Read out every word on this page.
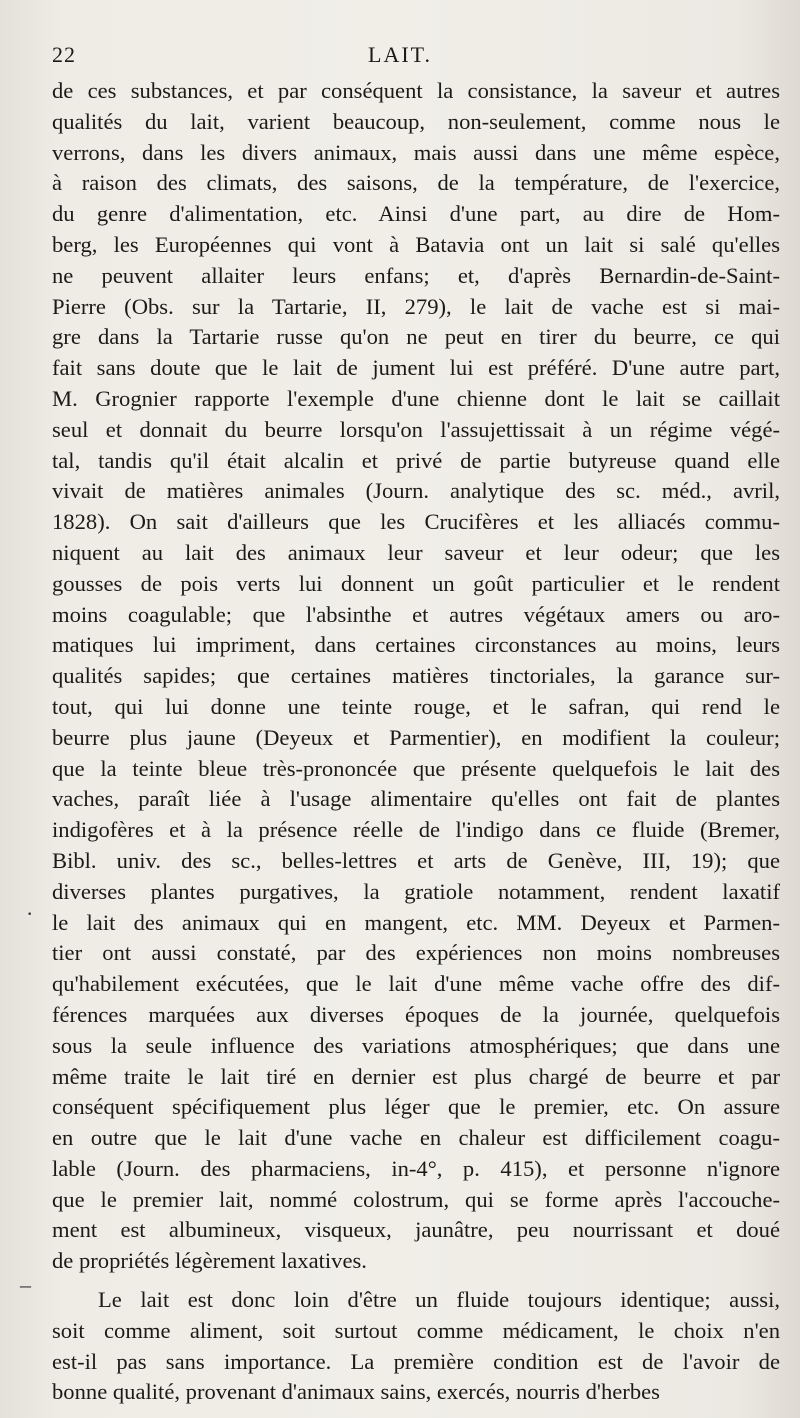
22	LAIT.
de ces substances, et par conséquent la consistance, la saveur et autres
qualités du lait, varient beaucoup, non-seulement, comme nous le
verrons, dans les divers animaux, mais aussi dans une même espèce,
à raison des climats, des saisons, de la température, de l'exercice,
du genre d'alimentation, etc. Ainsi d'une part, au dire de Hom-
berg, les Européennes qui vont à Batavia ont un lait si salé qu'elles
ne peuvent allaiter leurs enfans; et, d'après Bernardin-de-Saint-
Pierre (Obs. sur la Tartarie, II, 279), le lait de vache est si mai-
gre dans la Tartarie russe qu'on ne peut en tirer du beurre, ce qui
fait sans doute que le lait de jument lui est préféré. D'une autre part,
M. Grognier rapporte l'exemple d'une chienne dont le lait se caillait
seul et donnait du beurre lorsqu'on l'assujettissait à un régime végé-
tal, tandis qu'il était alcalin et privé de partie butyreuse quand elle
vivait de matières animales (Journ. analytique des sc. méd., avril,
1828). On sait d'ailleurs que les Crucifères et les alliacés commu-
niquent au lait des animaux leur saveur et leur odeur; que les
gousses de pois verts lui donnent un goût particulier et le rendent
moins coagulable; que l'absinthe et autres végétaux amers ou aro-
matiques lui impriment, dans certaines circonstances au moins, leurs
qualités sapides; que certaines matières tinctoriales, la garance sur-
tout, qui lui donne une teinte rouge, et le safran, qui rend le
beurre plus jaune (Deyeux et Parmentier), en modifient la couleur;
que la teinte bleue très-prononcée que présente quelquefois le lait des
vaches, paraît liée à l'usage alimentaire qu'elles ont fait de plantes
indigofères et à la présence réelle de l'indigo dans ce fluide (Bremer,
Bibl. univ. des sc., belles-lettres et arts de Genève, III, 19); que
diverses plantes purgatives, la gratiole notamment, rendent laxatif
le lait des animaux qui en mangent, etc. MM. Deyeux et Parmen-
tier ont aussi constaté, par des expériences non moins nombreuses
qu'habilement exécutées, que le lait d'une même vache offre des dif-
férences marquées aux diverses époques de la journée, quelquefois
sous la seule influence des variations atmosphériques; que dans une
même traite le lait tiré en dernier est plus chargé de beurre et par
conséquent spécifiquement plus léger que le premier, etc. On assure
en outre que le lait d'une vache en chaleur est difficilement coagu-
lable (Journ. des pharmaciens, in-4°, p. 415), et personne n'ignore
que le premier lait, nommé colostrum, qui se forme après l'accouche-
ment est albumineux, visqueux, jaunâtre, peu nourrissant et doué
de propriétés légèrement laxatives.
Le lait est donc loin d'être un fluide toujours identique; aussi,
soit comme aliment, soit surtout comme médicament, le choix n'en
est-il pas sans importance. La première condition est de l'avoir de
bonne qualité, provenant d'animaux sains, exercés, nourris d'herbes
·
–
